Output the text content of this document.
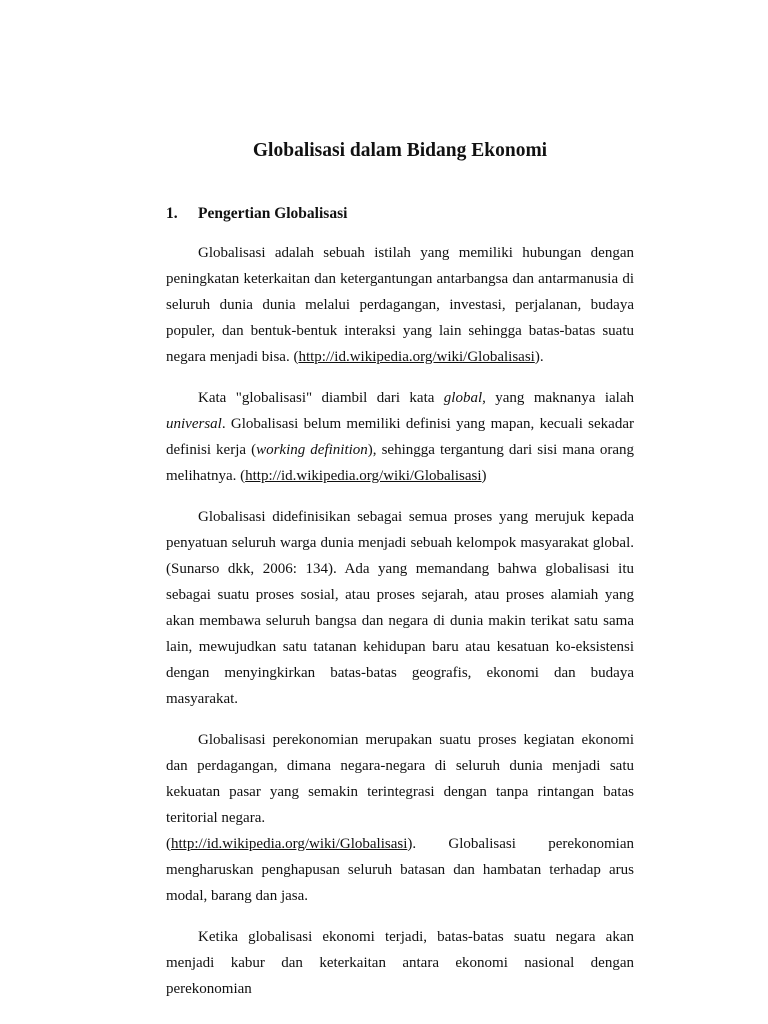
Globalisasi dalam Bidang Ekonomi
1. Pengertian Globalisasi

Globalisasi adalah sebuah istilah yang memiliki hubungan dengan peningkatan keterkaitan dan ketergantungan antarbangsa dan antarmanusia di seluruh dunia dunia melalui perdagangan, investasi, perjalanan, budaya populer, dan bentuk-bentuk interaksi yang lain sehingga batas-batas suatu negara menjadi bisa. (http://id.wikipedia.org/wiki/Globalisasi).

Kata "globalisasi" diambil dari kata global, yang maknanya ialah universal. Globalisasi belum memiliki definisi yang mapan, kecuali sekadar definisi kerja (working definition), sehingga tergantung dari sisi mana orang melihatnya. (http://id.wikipedia.org/wiki/Globalisasi)

Globalisasi didefinisikan sebagai semua proses yang merujuk kepada penyatuan seluruh warga dunia menjadi sebuah kelompok masyarakat global. (Sunarso dkk, 2006: 134). Ada yang memandang bahwa globalisasi itu sebagai suatu proses sosial, atau proses sejarah, atau proses alamiah yang akan membawa seluruh bangsa dan negara di dunia makin terikat satu sama lain, mewujudkan satu tatanan kehidupan baru atau kesatuan ko-eksistensi dengan menyingkirkan batas-batas geografis, ekonomi dan budaya masyarakat.

Globalisasi perekonomian merupakan suatu proses kegiatan ekonomi dan perdagangan, dimana negara-negara di seluruh dunia menjadi satu kekuatan pasar yang semakin terintegrasi dengan tanpa rintangan batas teritorial negara.

(http://id.wikipedia.org/wiki/Globalisasi). Globalisasi perekonomian

mengharuskan penghapusan seluruh batasan dan hambatan terhadap arus modal, barang dan jasa.

Ketika globalisasi ekonomi terjadi, batas-batas suatu negara akan menjadi kabur dan keterkaitan antara ekonomi nasional dengan perekonomian
